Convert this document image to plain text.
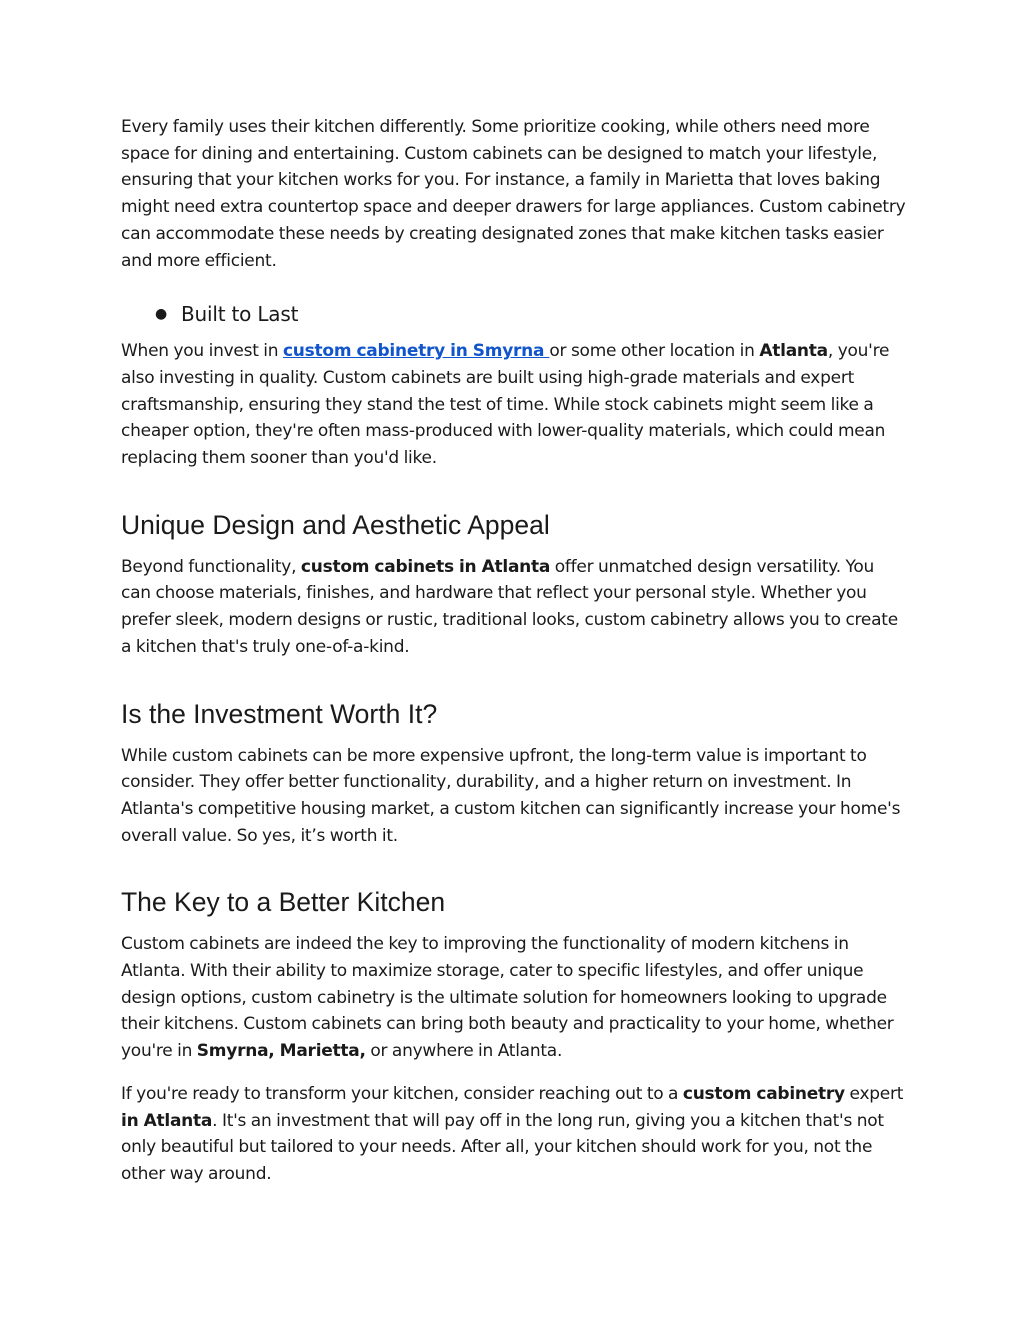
Every family uses their kitchen differently. Some prioritize cooking, while others need more space for dining and entertaining. Custom cabinets can be designed to match your lifestyle, ensuring that your kitchen works for you. For instance, a family in Marietta that loves baking might need extra countertop space and deeper drawers for large appliances. Custom cabinetry can accommodate these needs by creating designated zones that make kitchen tasks easier and more efficient.

● Built to Last

When you invest in custom cabinetry in Smyrna or some other location in Atlanta, you're also investing in quality. Custom cabinets are built using high-grade materials and expert craftsmanship, ensuring they stand the test of time. While stock cabinets might seem like a cheaper option, they're often mass-produced with lower-quality materials, which could mean replacing them sooner than you'd like.

Unique Design and Aesthetic Appeal

Beyond functionality, custom cabinets in Atlanta offer unmatched design versatility. You can choose materials, finishes, and hardware that reflect your personal style. Whether you prefer sleek, modern designs or rustic, traditional looks, custom cabinetry allows you to create a kitchen that's truly one-of-a-kind.

Is the Investment Worth It?

While custom cabinets can be more expensive upfront, the long-term value is important to consider. They offer better functionality, durability, and a higher return on investment. In Atlanta's competitive housing market, a custom kitchen can significantly increase your home's overall value. So yes, it’s worth it.

The Key to a Better Kitchen

Custom cabinets are indeed the key to improving the functionality of modern kitchens in Atlanta. With their ability to maximize storage, cater to specific lifestyles, and offer unique design options, custom cabinetry is the ultimate solution for homeowners looking to upgrade their kitchens. Custom cabinets can bring both beauty and practicality to your home, whether you're in Smyrna, Marietta, or anywhere in Atlanta.

If you're ready to transform your kitchen, consider reaching out to a custom cabinetry expert in Atlanta. It's an investment that will pay off in the long run, giving you a kitchen that's not only beautiful but tailored to your needs. After all, your kitchen should work for you, not the other way around.
